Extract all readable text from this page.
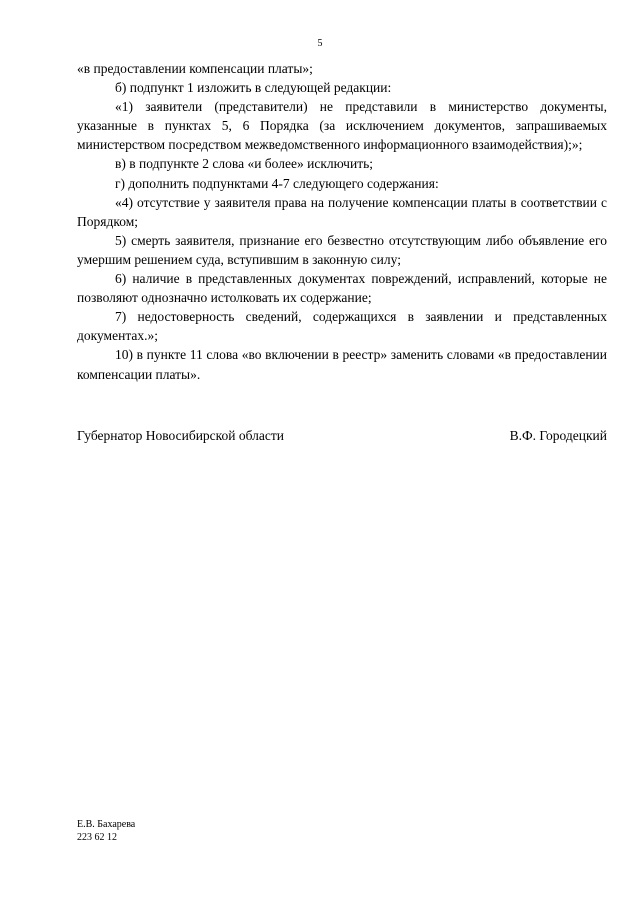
5

«в предоставлении компенсации платы»;

б) подпункт 1 изложить в следующей редакции:

«1) заявители (представители) не представили в министерство документы, указанные в пунктах 5, 6 Порядка (за исключением документов, запрашиваемых министерством посредством межведомственного информационного взаимодействия);»;

в) в подпункте 2 слова «и более» исключить;

г) дополнить подпунктами 4-7 следующего содержания:

«4) отсутствие у заявителя права на получение компенсации платы в соответствии с Порядком;

5) смерть заявителя, признание его безвестно отсутствующим либо объявление его умершим решением суда, вступившим в законную силу;

6) наличие в представленных документах повреждений, исправлений, которые не позволяют однозначно истолковать их содержание;

7) недостоверность сведений, содержащихся в заявлении и представленных документах.»;

10) в пункте 11 слова «во включении в реестр» заменить словами «в предоставлении компенсации платы».

Губернатор Новосибирской области	В.Ф. Городецкий
Е.В. Бахарева
223 62 12
